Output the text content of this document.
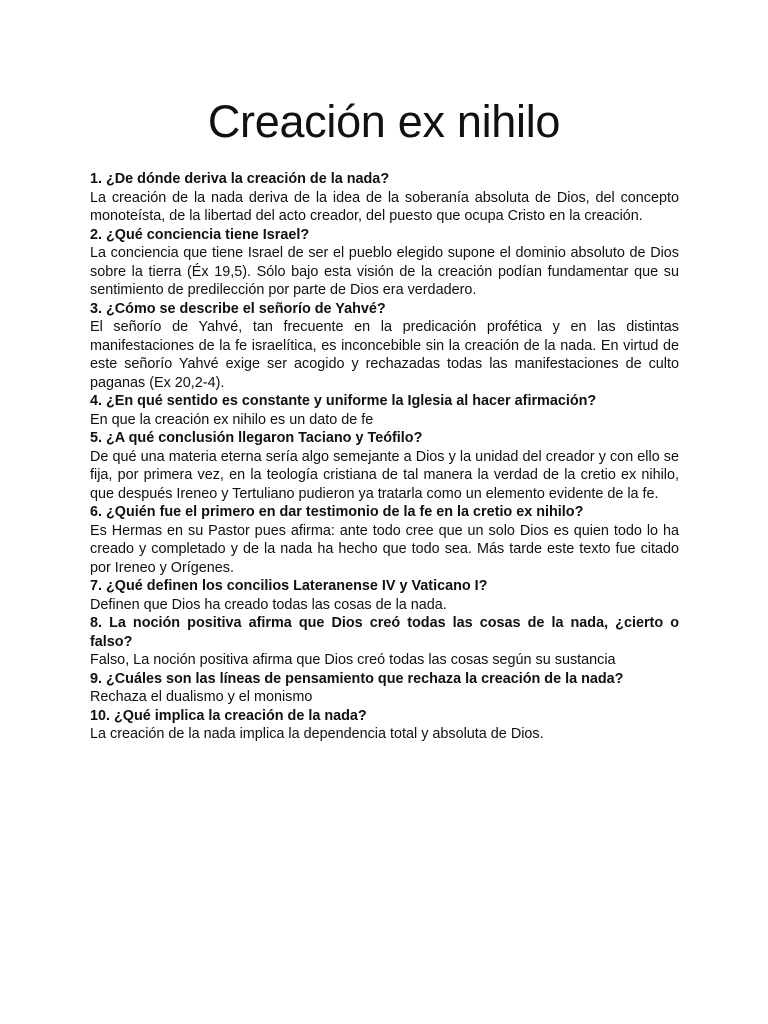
Creación ex nihilo

1. ¿De dónde deriva la creación de la nada?

La creación de la nada deriva de la idea de la soberanía absoluta de Dios, del concepto monoteísta, de la libertad del acto creador, del puesto que ocupa Cristo en la creación.

2. ¿Qué conciencia tiene Israel?

La conciencia que tiene Israel de ser el pueblo elegido supone el dominio absoluto de Dios sobre la tierra (Éx 19,5). Sólo bajo esta visión de la creación podían fundamentar que su sentimiento de predilección por parte de Dios era verdadero.

3. ¿Cómo se describe el señorío de Yahvé?

El señorío de Yahvé, tan frecuente en la predicación profética y en las distintas manifestaciones de la fe israelítica, es inconcebible sin la creación de la nada. En virtud de este señorío Yahvé exige ser acogido y rechazadas todas las manifestaciones de culto paganas (Ex 20,2-4).

4. ¿En qué sentido es constante y uniforme la Iglesia al hacer afirmación?

En que la creación ex nihilo es un dato de fe

5. ¿A qué conclusión llegaron Taciano y Teófilo?

De qué una materia eterna sería algo semejante a Dios y la unidad del creador y con ello se fija, por primera vez, en la teología cristiana de tal manera la verdad de la cretio ex nihilo, que después Ireneo y Tertuliano pudieron ya tratarla como un elemento evidente de la fe.

6. ¿Quién fue el primero en dar testimonio de la fe en la cretio ex nihilo?

Es Hermas en su Pastor pues afirma: ante todo cree que un solo Dios es quien todo lo ha creado y completado y de la nada ha hecho que todo sea. Más tarde este texto fue citado por Ireneo y Orígenes.

7. ¿Qué definen los concilios Lateranense IV y Vaticano I?

Definen que Dios ha creado todas las cosas de la nada.

8. La noción positiva afirma que Dios creó todas las cosas de la nada, ¿cierto o falso?

Falso, La noción positiva afirma que Dios creó todas las cosas según su sustancia

9. ¿Cuáles son las líneas de pensamiento que rechaza la creación de la nada?

Rechaza el dualismo y el monismo

10. ¿Qué implica la creación de la nada?

La creación de la nada implica la dependencia total y absoluta de Dios.
